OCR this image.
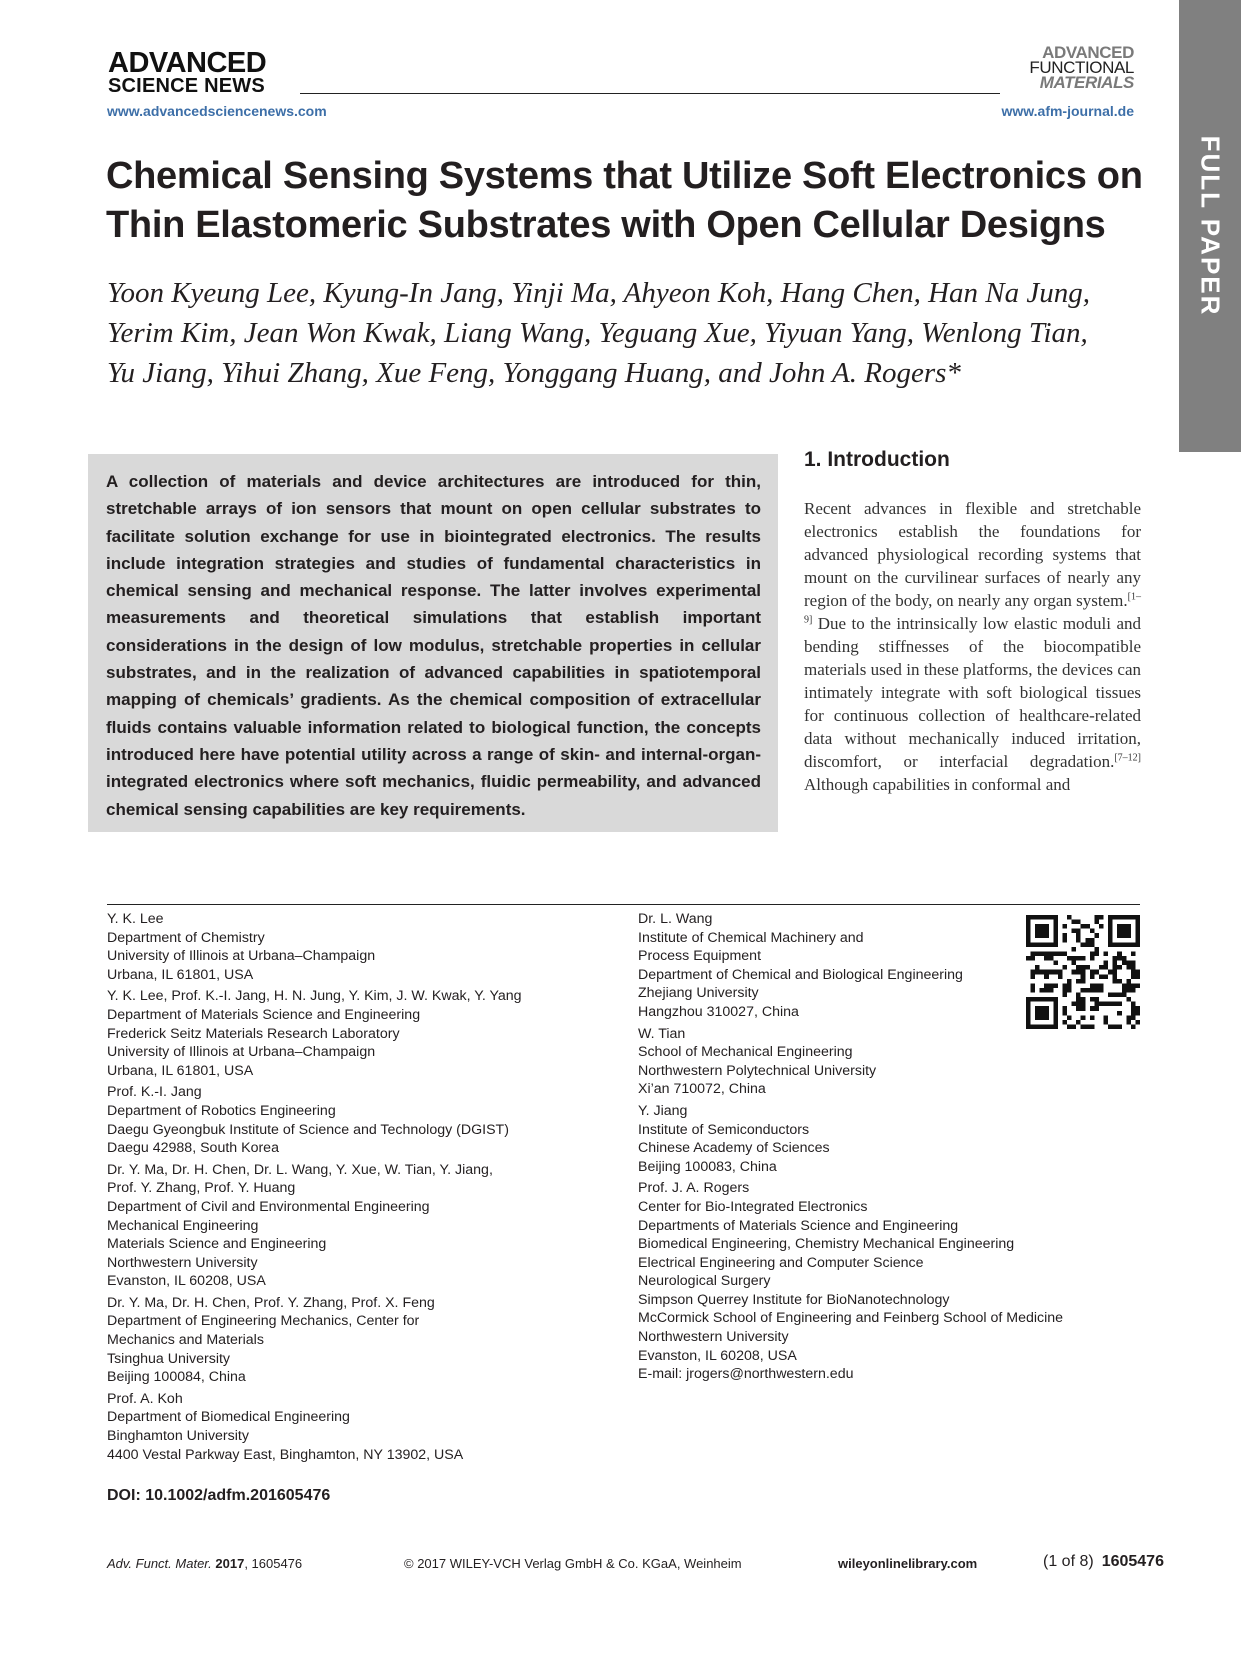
ADVANCED
SCIENCE NEWS
www.advancedsciencenews.com
ADVANCED
FUNCTIONAL
MATERIALS
www.afm-journal.de
FULL PAPER
Chemical Sensing Systems that Utilize Soft Electronics on
Thin Elastomeric Substrates with Open Cellular Designs
Yoon Kyeung Lee, Kyung-In Jang, Yinji Ma, Ahyeon Koh, Hang Chen, Han Na Jung,
Yerim Kim, Jean Won Kwak, Liang Wang, Yeguang Xue, Yiyuan Yang, Wenlong Tian,
Yu Jiang, Yihui Zhang, Xue Feng, Yonggang Huang, and John A. Rogers*
A collection of materials and device architectures are introduced for thin, stretchable arrays of ion sensors that mount on open cellular substrates to facilitate solution exchange for use in biointegrated electronics. The results include integration strategies and studies of fundamental characteristics in chemical sensing and mechanical response. The latter involves experimental measurements and theoretical simulations that establish important considerations in the design of low modulus, stretchable properties in cellular substrates, and in the realization of advanced capabilities in spatiotemporal mapping of chemicals’ gradients. As the chemical composition of extracellular fluids contains valuable information related to biological function, the concepts introduced here have potential utility across a range of skin- and internal-organ-integrated electronics where soft mechanics, fluidic permeability, and advanced chemical sensing capabilities are key requirements.
1. Introduction
Recent advances in flexible and stretchable electronics establish the foundations for advanced physiological recording systems that mount on the curvilinear surfaces of nearly any region of the body, on nearly any organ system.[1–9] Due to the intrinsically low elastic moduli and bending stiffnesses of the biocompatible materials used in these platforms, the devices can intimately integrate with soft biological tissues for continuous collection of healthcare-related data without mechanically induced irritation, discomfort, or interfacial degradation.[7–12] Although capabilities in conformal and
Y. K. Lee
Department of Chemistry
University of Illinois at Urbana–Champaign
Urbana, IL 61801, USA
Y. K. Lee, Prof. K.-I. Jang, H. N. Jung, Y. Kim, J. W. Kwak, Y. Yang
Department of Materials Science and Engineering
Frederick Seitz Materials Research Laboratory
University of Illinois at Urbana–Champaign
Urbana, IL 61801, USA
Prof. K.-I. Jang
Department of Robotics Engineering
Daegu Gyeongbuk Institute of Science and Technology (DGIST)
Daegu 42988, South Korea
Dr. Y. Ma, Dr. H. Chen, Dr. L. Wang, Y. Xue, W. Tian, Y. Jiang,
Prof. Y. Zhang, Prof. Y. Huang
Department of Civil and Environmental Engineering
Mechanical Engineering
Materials Science and Engineering
Northwestern University
Evanston, IL 60208, USA
Dr. Y. Ma, Dr. H. Chen, Prof. Y. Zhang, Prof. X. Feng
Department of Engineering Mechanics, Center for
Mechanics and Materials
Tsinghua University
Beijing 100084, China
Prof. A. Koh
Department of Biomedical Engineering
Binghamton University
4400 Vestal Parkway East, Binghamton, NY 13902, USA
Dr. L. Wang
Institute of Chemical Machinery and
Process Equipment
Department of Chemical and Biological Engineering
Zhejiang University
Hangzhou 310027, China
W. Tian
School of Mechanical Engineering
Northwestern Polytechnical University
Xi’an 710072, China
Y. Jiang
Institute of Semiconductors
Chinese Academy of Sciences
Beijing 100083, China
Prof. J. A. Rogers
Center for Bio-Integrated Electronics
Departments of Materials Science and Engineering
Biomedical Engineering, Chemistry Mechanical Engineering
Electrical Engineering and Computer Science
Neurological Surgery
Simpson Querrey Institute for BioNanotechnology
McCormick School of Engineering and Feinberg School of Medicine
Northwestern University
Evanston, IL 60208, USA
E-mail: jrogers@northwestern.edu
DOI: 10.1002/adfm.201605476
Adv. Funct. Mater. 2017, 1605476	© 2017 WILEY-VCH Verlag GmbH & Co. KGaA, Weinheim	wileyonlinelibrary.com	(1 of 8) 1605476
